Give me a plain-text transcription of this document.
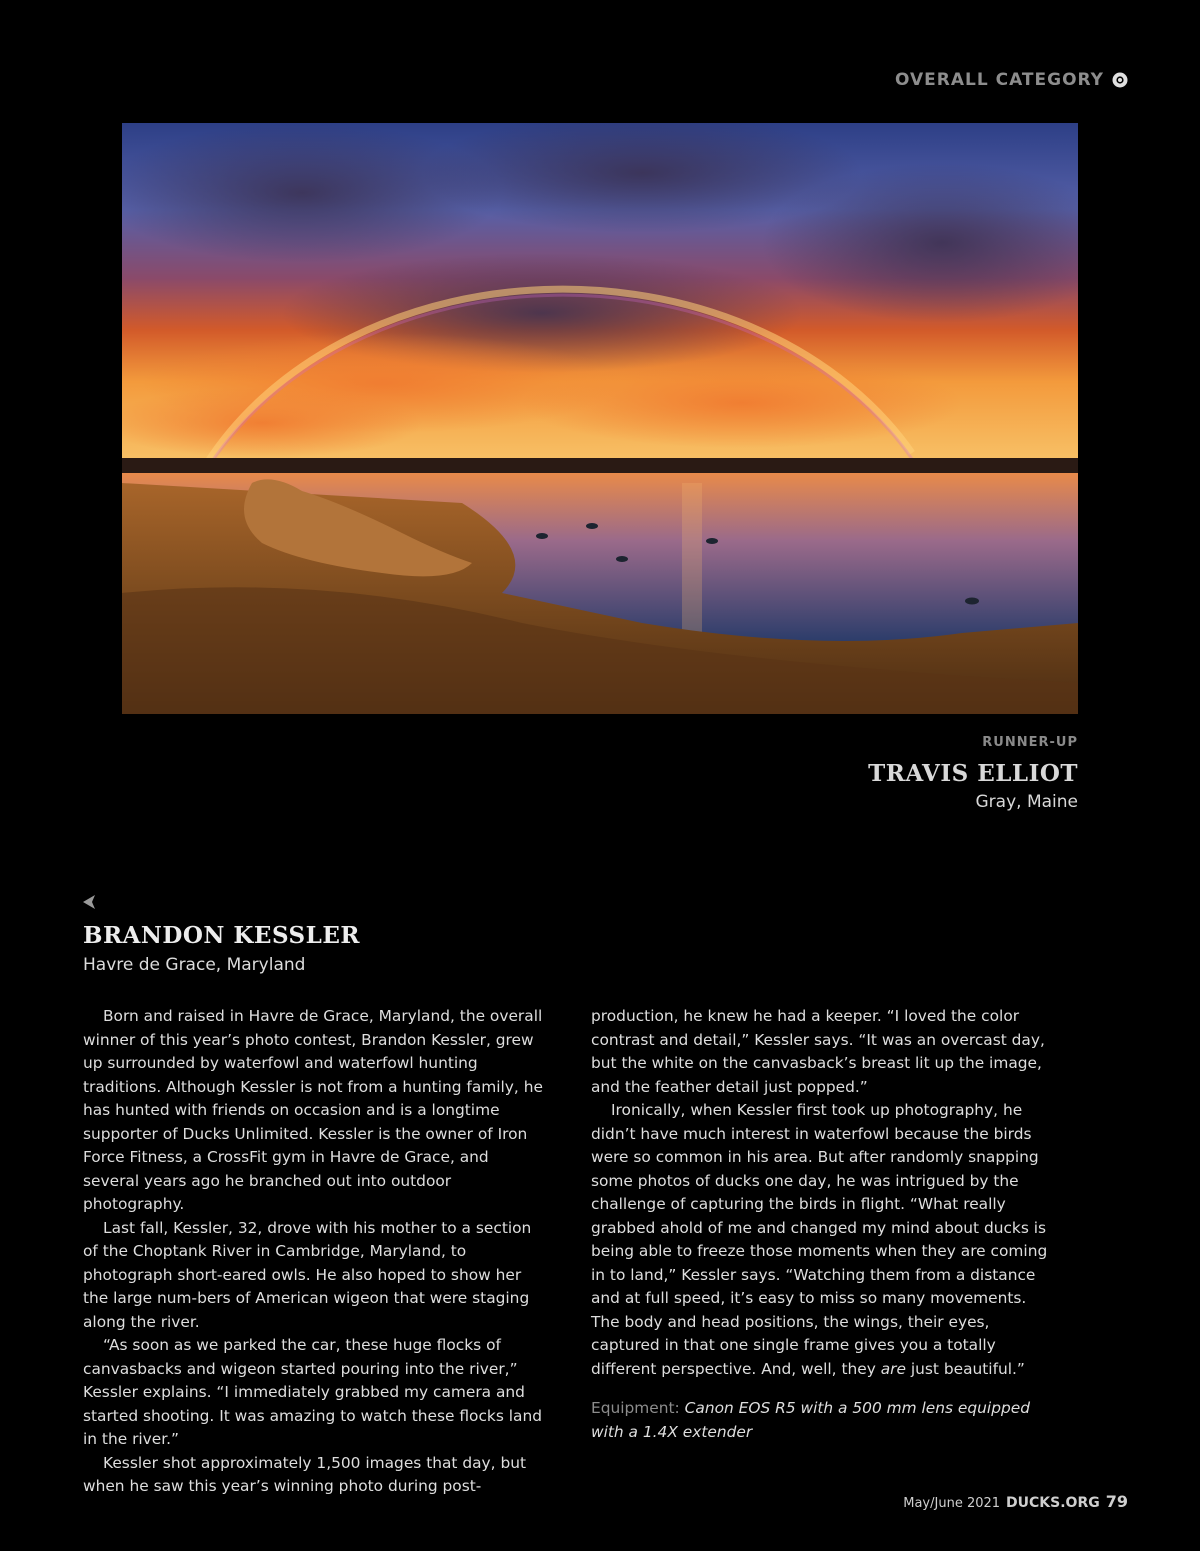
OVERALL CATEGORY
RUNNER-UP
TRAVIS ELLIOT
Gray, Maine
BRANDON KESSLER
Havre de Grace, Maryland

Born and raised in Havre de Grace, Maryland, the overall winner of this year’s photo contest, Brandon Kessler, grew up surrounded by waterfowl and waterfowl hunting traditions. Although Kessler is not from a hunting family, he has hunted with friends on occasion and is a longtime supporter of Ducks Unlimited. Kessler is the owner of Iron Force Fitness, a CrossFit gym in Havre de Grace, and several years ago he branched out into outdoor photography.

Last fall, Kessler, 32, drove with his mother to a section of the Choptank River in Cambridge, Maryland, to photograph short-eared owls. He also hoped to show her the large num-bers of American wigeon that were staging along the river.

“As soon as we parked the car, these huge flocks of canvasbacks and wigeon started pouring into the river,” Kessler explains. “I immediately grabbed my camera and started shooting. It was amazing to watch these flocks land in the river.”

Kessler shot approximately 1,500 images that day, but when he saw this year’s winning photo during post-

production, he knew he had a keeper. “I loved the color contrast and detail,” Kessler says. “It was an overcast day, but the white on the canvasback’s breast lit up the image, and the feather detail just popped.”

Ironically, when Kessler first took up photography, he didn’t have much interest in waterfowl because the birds were so common in his area. But after randomly snapping some photos of ducks one day, he was intrigued by the challenge of capturing the birds in flight. “What really grabbed ahold of me and changed my mind about ducks is being able to freeze those moments when they are coming in to land,” Kessler says. “Watching them from a distance and at full speed, it’s easy to miss so many movements. The body and head positions, the wings, their eyes, captured in that one single frame gives you a totally different perspective. And, well, they are just beautiful.”

Equipment: Canon EOS R5 with a 500 mm lens equipped with a 1.4X extender

May/June 2021 DUCKS.ORG 79
